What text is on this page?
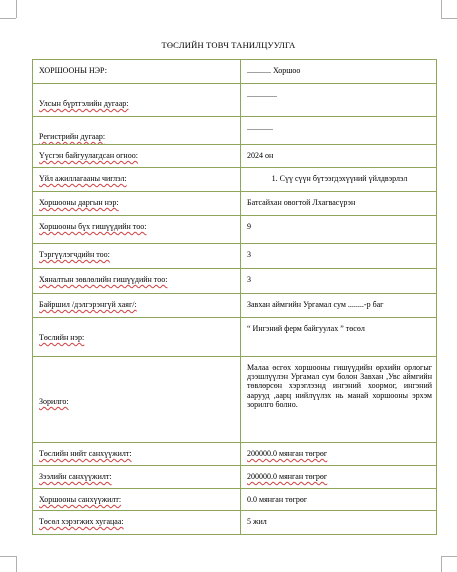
ТӨСЛИЙН ТОВЧ ТАНИЛЦУУЛГА
ХОРШООНЫ НЭР:	............ Хоршоо

Улсын бүртгэлийн дугаар:	...............

Регистрийн дугаар:	.............
Үүсгэн байгуулагдсан огноо:	2024 он
Үйл ажиллагааны чиглэл:	1. Сүү сүүн бүтээгдэхүүний үйлдвэрлэл
Хоршооны даргын нэр:	Батсайхан овогтой Лхагвасүрэн
Хоршооны бүх гишүүдийн тоо:	9
Тэргүүлэгчдийн тоо:	3
Хяналтын зөвлөлийн гишүүдийн тоо:	3
Байршил /дэлгэрэнгүй хаяг/:	Завхан аймгийн Ургамал сум ........-р баг

Төслийн нэр:	“ Ингэний ферм байгуулах ” төсөл
Зорилго:	Малаа өсгөх хоршооны гишүүдийн өрхийн орлогыг дээшлүүлэн Ургамал сум болон Завхан ,Увс аймгийн төвлөрсөн хэрэглээнд ингэний хоормог, ингэний аарууд ,аарц нийлүүлэх нь манай хоршооны эрхэм зорилго болно.
Төслийн нийт санхүүжилт:	200000.0 мянган төгрөг
Зээлийн санхүүжилт:	200000.0 мянган төгрөг
Хоршооны санхүүжилт:	0.0 мянган төгрөг
Төсөл хэрэгжих хугацаа:	5 жил
